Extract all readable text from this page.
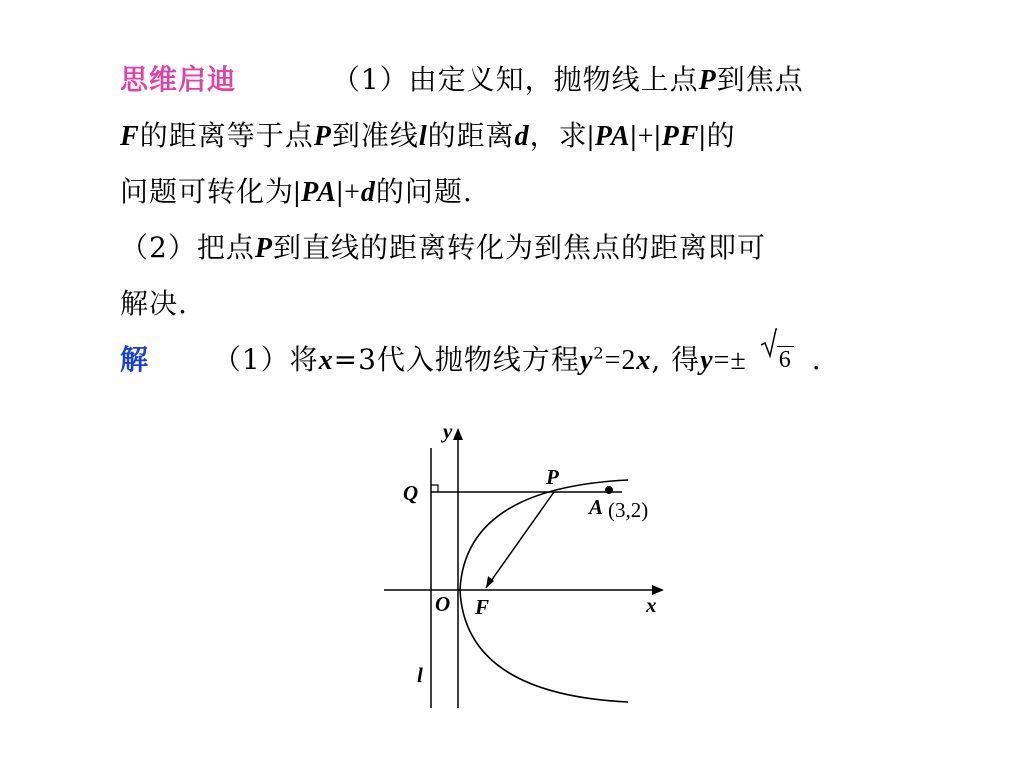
思维启迪	（1）由定义知，抛物线上点P到焦点
F的距离等于点P到准线l的距离d，求|PA|+|PF|的
问题可转化为|PA|+d的问题.
（2）把点P到直线的距离转化为到焦点的距离即可
解决.
解 （1）将x=3代入抛物线方程$y^2=2x$, 得y=± 6 .
y
x
Q
P
A (3,2)
O F
l
